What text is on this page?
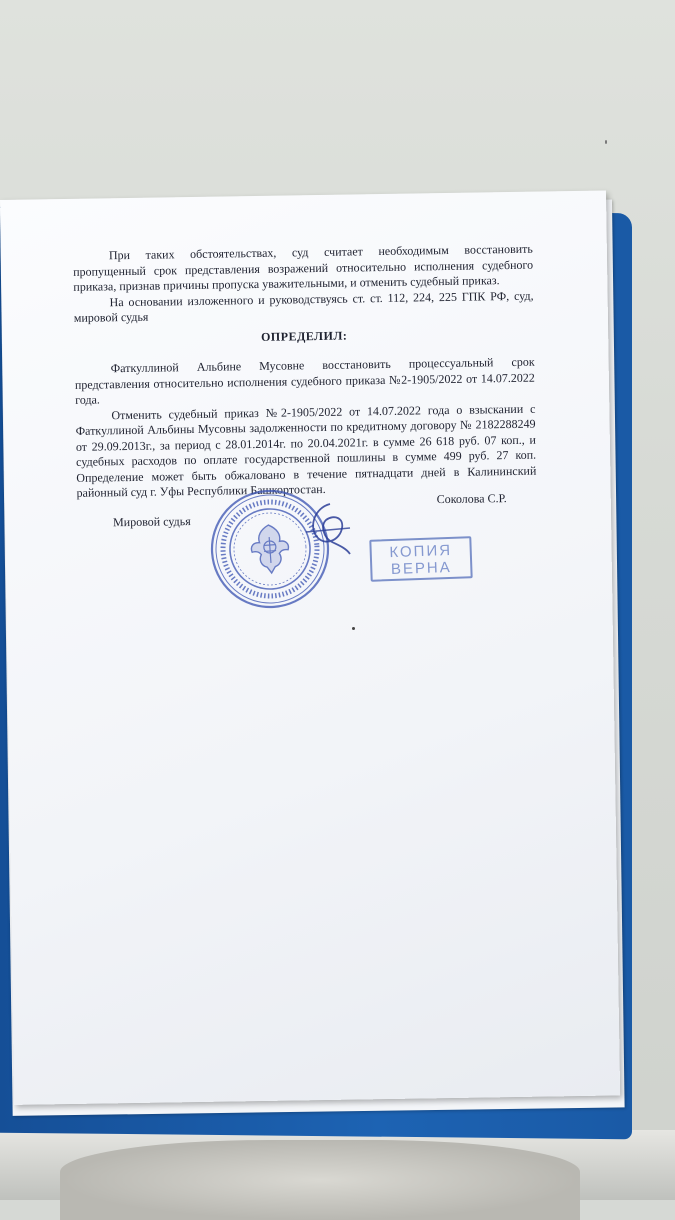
При таких обстоятельствах, суд считает необходимым восстановить пропущенный срок представления возражений относительно исполнения судебного приказа, признав причины пропуска уважительными, и отменить судебный приказ.

На основании изложенного и руководствуясь ст. ст. 112, 224, 225 ГПК РФ, суд, мировой судья

ОПРЕДЕЛИЛ:

Фаткуллиной Альбине Мусовне восстановить процессуальный срок представления относительно исполнения судебного приказа №2-1905/2022 от 14.07.2022 года.

Отменить судебный приказ №2-1905/2022 от 14.07.2022 года о взыскании с Фаткуллиной Альбины Мусовны задолженности по кредитному договору № 2182288249 от 29.09.2013г., за период с 28.01.2014г. по 20.04.2021г. в сумме 26 618 руб. 07 коп., и судебных расходов по оплате государственной пошлины в сумме 499 руб. 27 коп. Определение может быть обжаловано в течение пятнадцати дней в Калининский районный суд г. Уфы Республики Башкортостан.

Мировой судья
Соколова С.Р.
КОПИЯ
ВЕРНА
